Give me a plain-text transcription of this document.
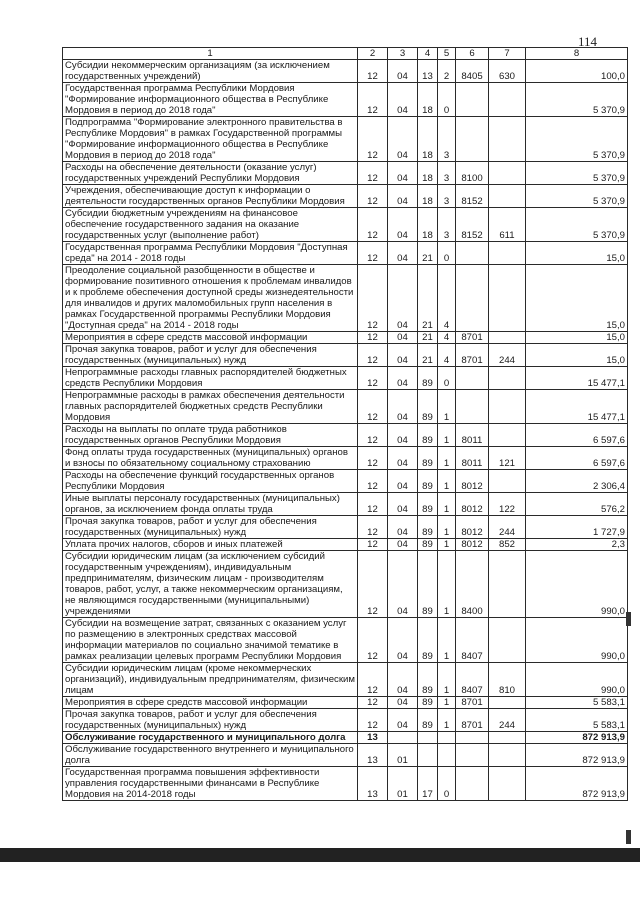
114
1	2	3	4	5	6	7	8
Субсидии некоммерческим организациям (за исключением государственных учреждений)	12	04	13	2	8405	630	100,0
Государственная программа Республики Мордовия "Формирование информационного общества в Республике Мордовия в период до 2018 года"	12	04	18	0			5 370,9
Подпрограмма "Формирование электронного правительства в Республике Мордовия" в рамках Государственной программы "Формирование информационного общества в Республике Мордовия в период до 2018 года"	12	04	18	3			5 370,9
Расходы на обеспечение деятельности (оказание услуг) государственных учреждений Республики Мордовия	12	04	18	3	8100		5 370,9
Учреждения, обеспечивающие доступ к информации о деятельности государственных органов Республики Мордовия	12	04	18	3	8152		5 370,9
Субсидии бюджетным учреждениям на финансовое обеспечение государственного задания на оказание государственных услуг (выполнение работ)	12	04	18	3	8152	611	5 370,9
Государственная программа Республики Мордовия "Доступная среда" на 2014 - 2018 годы	12	04	21	0			15,0
Преодоление социальной разобщенности в обществе и формирование позитивного отношения к проблемам инвалидов и к проблеме обеспечения доступной среды жизнедеятельности для инвалидов и других маломобильных групп населения в рамках Государственной программы Республики Мордовия "Доступная среда" на 2014 - 2018 годы	12	04	21	4			15,0
Мероприятия в сфере средств массовой информации	12	04	21	4	8701		15,0
Прочая закупка товаров, работ и услуг для обеспечения государственных (муниципальных) нужд	12	04	21	4	8701	244	15,0
Непрограммные расходы главных распорядителей бюджетных средств Республики Мордовия	12	04	89	0			15 477,1
Непрограммные расходы в рамках обеспечения деятельности главных распорядителей бюджетных средств Республики Мордовия	12	04	89	1			15 477,1
Расходы на выплаты по оплате труда работников государственных органов Республики Мордовия	12	04	89	1	8011		6 597,6
Фонд оплаты труда государственных (муниципальных) органов и взносы по обязательному социальному страхованию	12	04	89	1	8011	121	6 597,6
Расходы на обеспечение функций государственных органов Республики Мордовия	12	04	89	1	8012		2 306,4
Иные выплаты персоналу государственных (муниципальных) органов, за исключением фонда оплаты труда	12	04	89	1	8012	122	576,2
Прочая закупка товаров, работ и услуг для обеспечения государственных (муниципальных) нужд	12	04	89	1	8012	244	1 727,9
Уплата прочих налогов, сборов и иных платежей	12	04	89	1	8012	852	2,3
Субсидии юридическим лицам (за исключением субсидий государственным учреждениям), индивидуальным предпринимателям, физическим лицам - производителям товаров, работ, услуг, а также некоммерческим организациям, не являющимся государственными (муниципальными) учреждениями	12	04	89	1	8400		990,0
Субсидии на возмещение затрат, связанных с оказанием услуг по размещению в электронных средствах массовой информации материалов по социально значимой тематике в рамках реализации целевых программ Республики Мордовия	12	04	89	1	8407		990,0
Субсидии юридическим лицам (кроме некоммерческих организаций), индивидуальным предпринимателям, физическим лицам	12	04	89	1	8407	810	990,0
Мероприятия в сфере средств массовой информации	12	04	89	1	8701		5 583,1
Прочая закупка товаров, работ и услуг для обеспечения государственных (муниципальных) нужд	12	04	89	1	8701	244	5 583,1
Обслуживание государственного и муниципального долга	13						872 913,9
Обслуживание государственного внутреннего и муниципального долга	13	01					872 913,9
Государственная программа повышения эффективности управления государственными финансами в Республике Мордовия на 2014-2018 годы	13	01	17	0			872 913,9
